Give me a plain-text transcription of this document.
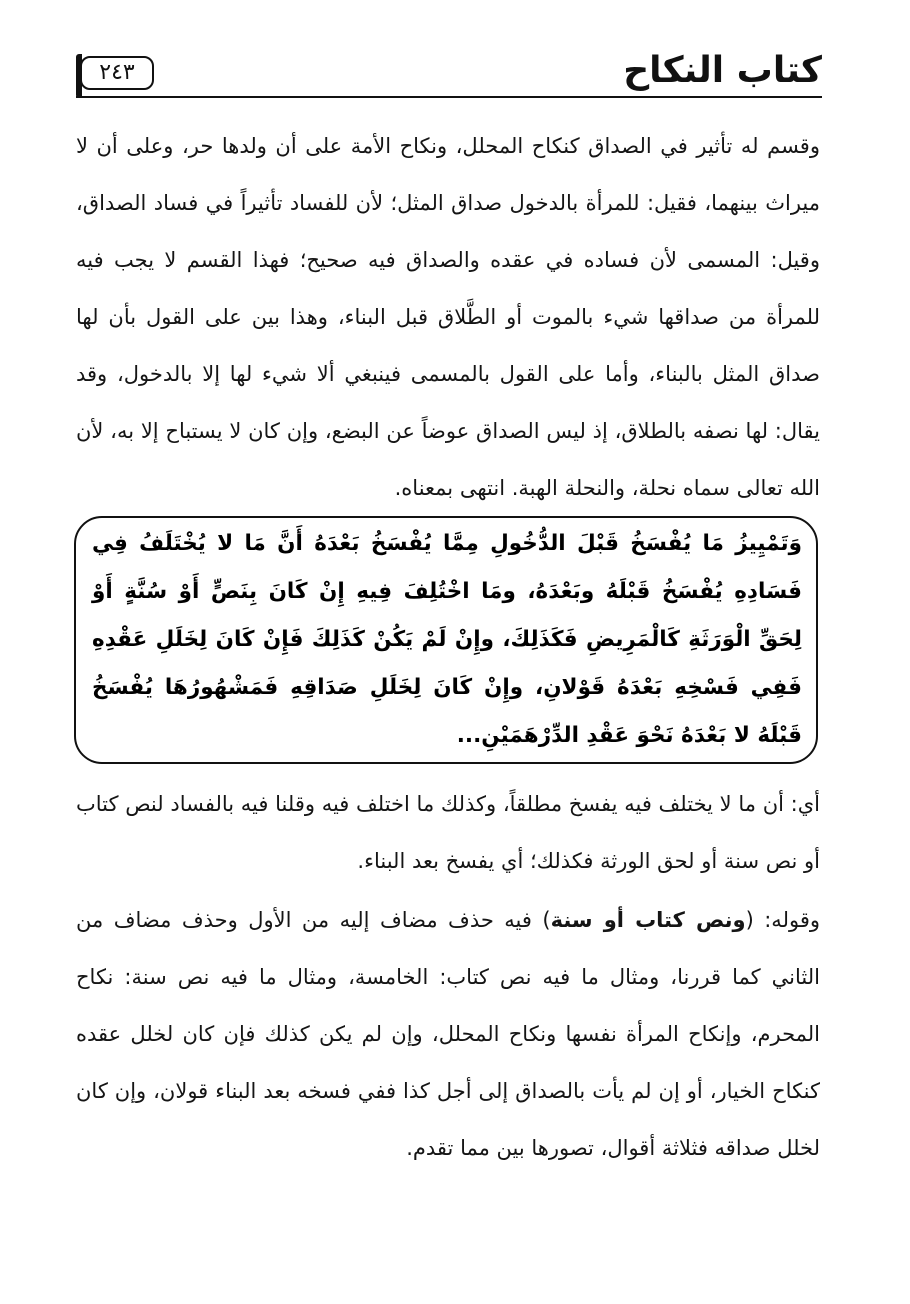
كتاب النكاح
٢٤٣
وقسم له تأثير في الصداق كنكاح المحلل، ونكاح الأمة على أن ولدها حر، وعلى أن لا ميراث بينهما، فقيل: للمرأة بالدخول صداق المثل؛ لأن للفساد تأثيراً في فساد الصداق، وقيل: المسمى لأن فساده في عقده والصداق فيه صحيح؛ فهذا القسم لا يجب فيه للمرأة من صداقها شيء بالموت أو الطَّلاق قبل البناء، وهذا بين على القول بأن لها صداق المثل بالبناء، وأما على القول بالمسمى فينبغي ألا شيء لها إلا بالدخول، وقد يقال: لها نصفه بالطلاق، إذ ليس الصداق عوضاً عن البضع، وإن كان لا يستباح إلا به، لأن الله تعالى سماه نحلة، والنحلة الهبة. انتهى بمعناه.
وَتَمْيِيزُ مَا يُفْسَخُ قَبْلَ الدُّخُولِ مِمَّا يُفْسَخُ بَعْدَهُ أَنَّ مَا لا يُخْتَلَفُ فِي فَسَادِهِ يُفْسَخُ قَبْلَهُ وبَعْدَهُ، ومَا اخْتُلِفَ فِيهِ إِنْ كَانَ بِنَصٍّ أَوْ سُنَّةٍ أَوْ لِحَقِّ الْوَرَثَةِ كَالْمَرِيضِ فَكَذَلِكَ، وإِنْ لَمْ يَكُنْ كَذَلِكَ فَإِنْ كَانَ لِخَلَلِ عَقْدِهِ فَفِي فَسْخِهِ بَعْدَهُ قَوْلانِ، وإِنْ كَانَ لِخَلَلِ صَدَاقِهِ فَمَشْهُورُهَا يُفْسَخُ قَبْلَهُ لا بَعْدَهُ نَحْوَ عَقْدِ الدِّرْهَمَيْنِ...
أي: أن ما لا يختلف فيه يفسخ مطلقاً، وكذلك ما اختلف فيه وقلنا فيه بالفساد لنص كتاب أو نص سنة أو لحق الورثة فكذلك؛ أي يفسخ بعد البناء.
وقوله: (ونص كتاب أو سنة) فيه حذف مضاف إليه من الأول وحذف مضاف من الثاني كما قررنا، ومثال ما فيه نص كتاب: الخامسة، ومثال ما فيه نص سنة: نكاح المحرم، وإنكاح المرأة نفسها ونكاح المحلل، وإن لم يكن كذلك فإن كان لخلل عقده كنكاح الخيار، أو إن لم يأت بالصداق إلى أجل كذا ففي فسخه بعد البناء قولان، وإن كان لخلل صداقه فثلاثة أقوال، تصورها بين مما تقدم.
